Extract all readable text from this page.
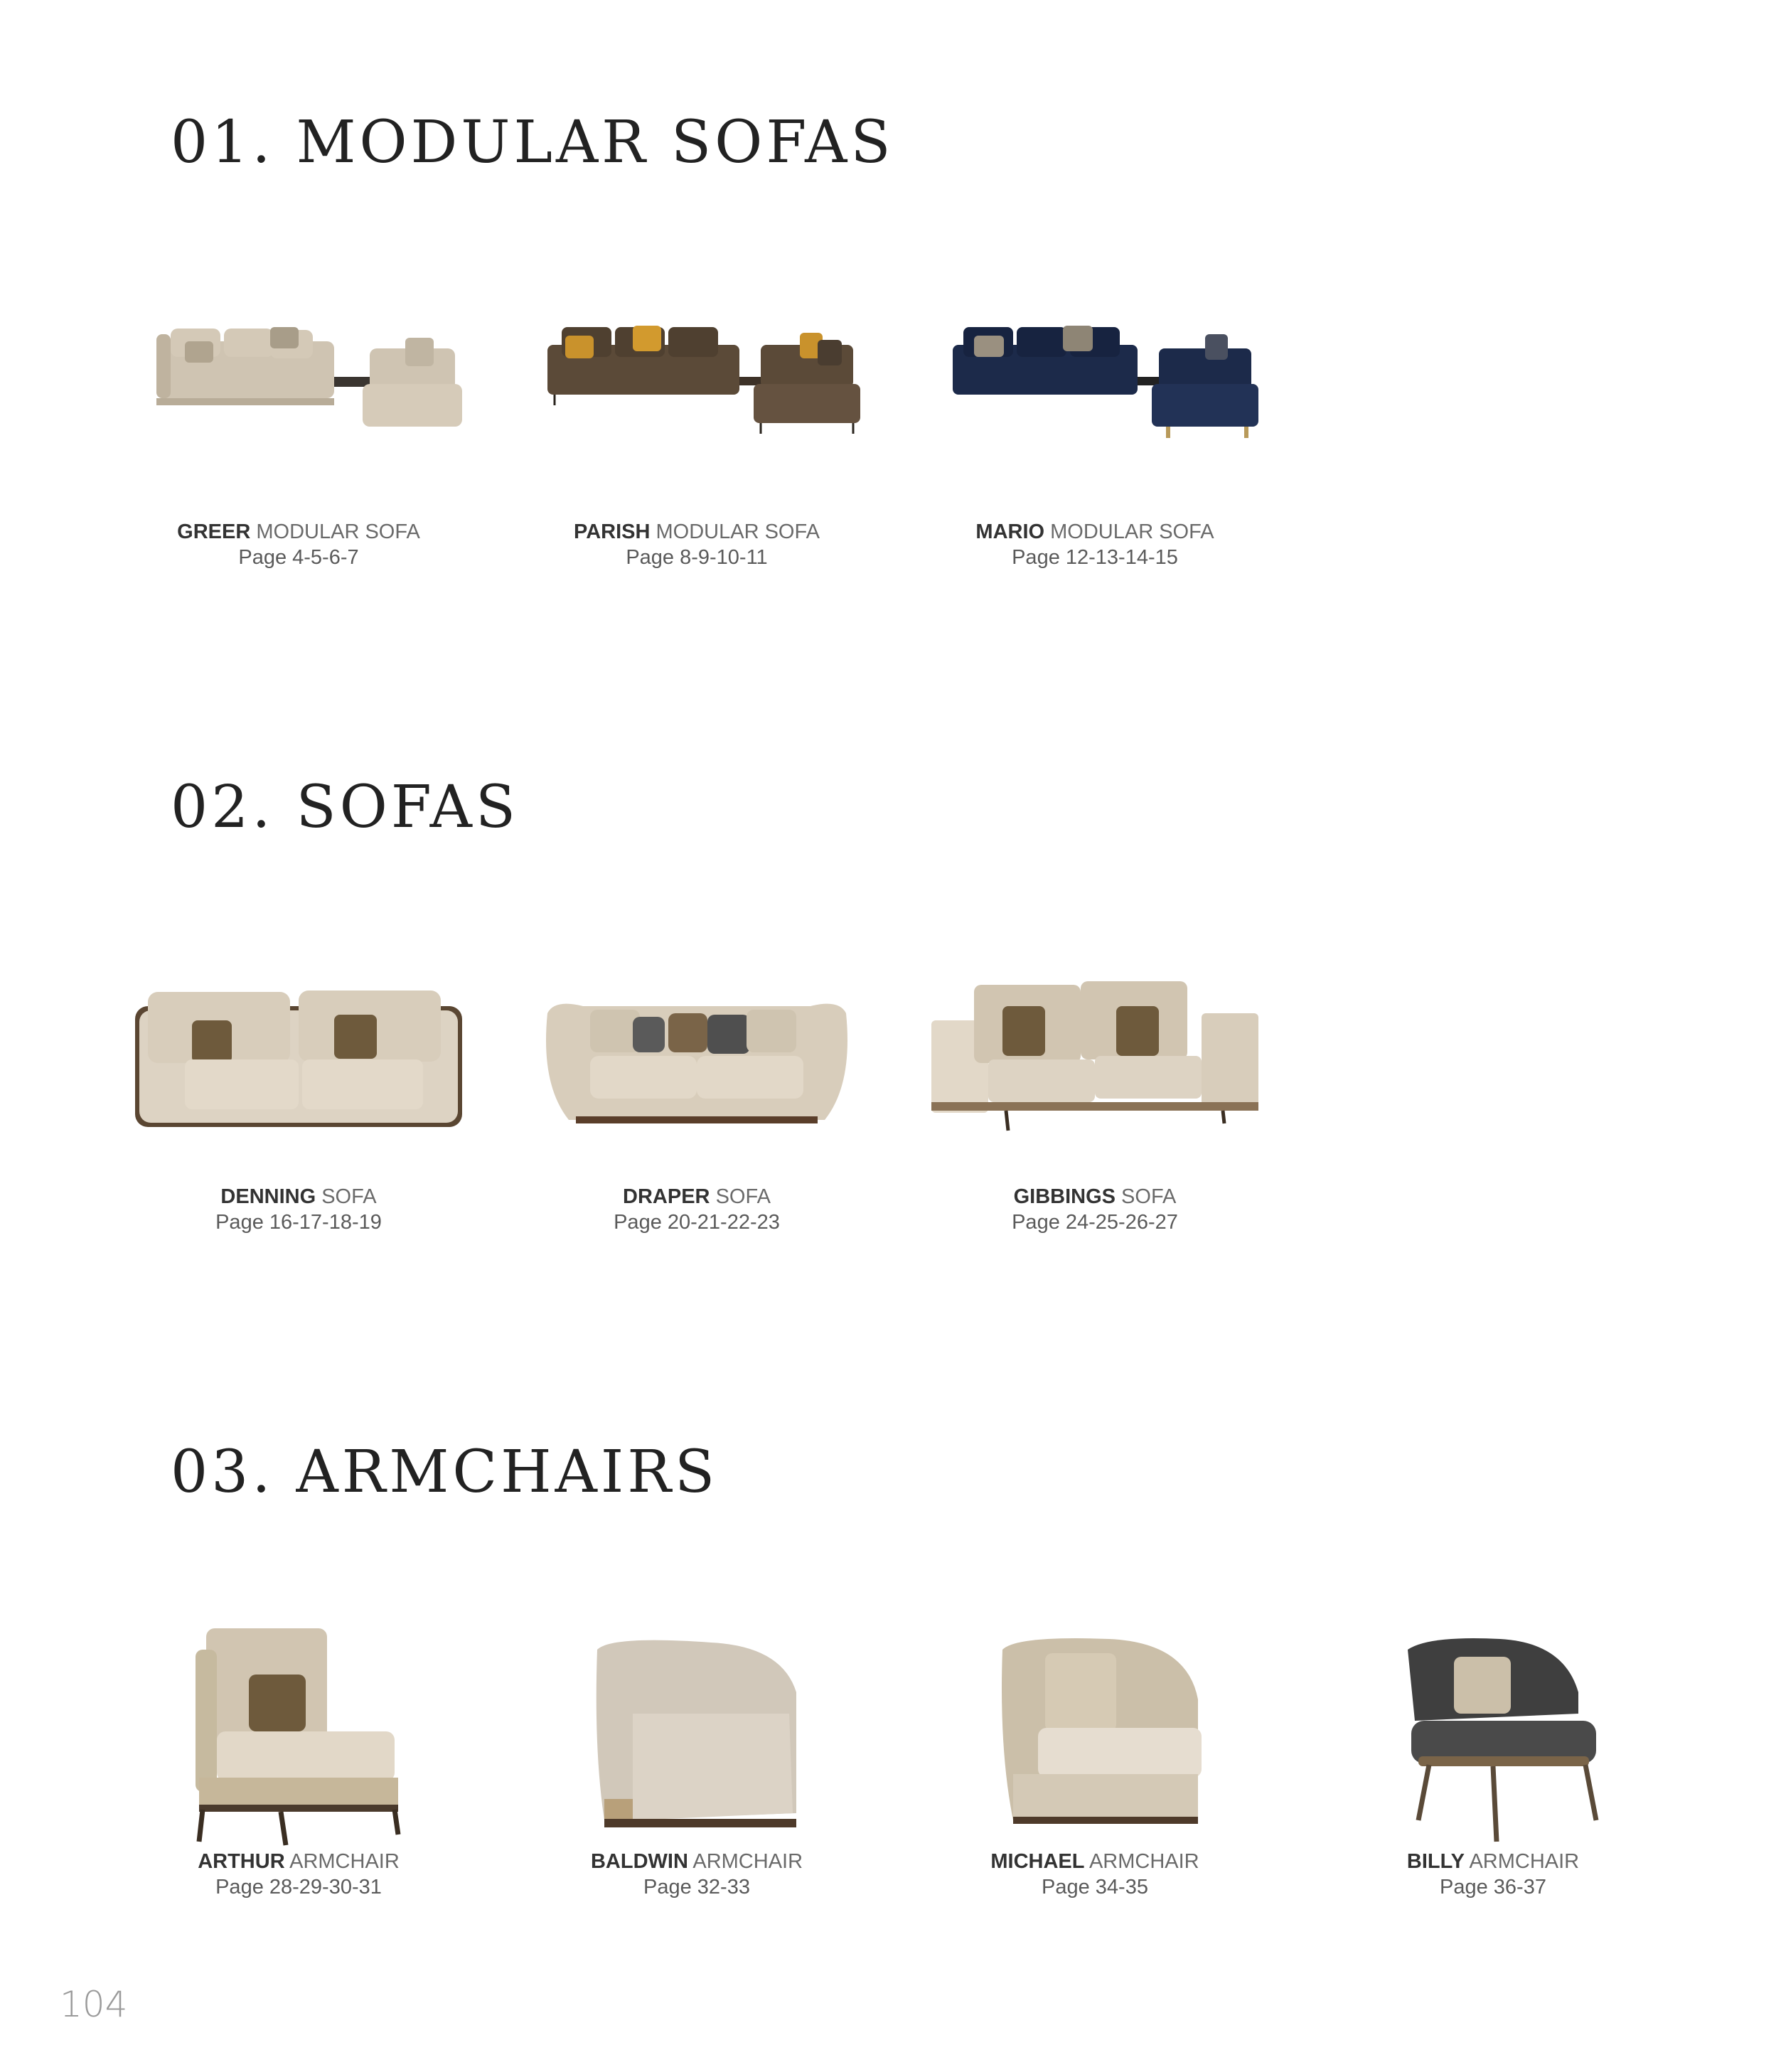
01. MODULAR SOFAS
GREER MODULAR SOFA
Page 4-5-6-7
PARISH MODULAR SOFA
Page 8-9-10-11
MARIO MODULAR SOFA
Page 12-13-14-15
02. SOFAS
DENNING SOFA
Page 16-17-18-19
DRAPER SOFA
Page 20-21-22-23
GIBBINGS SOFA
Page 24-25-26-27
03. ARMCHAIRS
ARTHUR ARMCHAIR
Page 28-29-30-31
BALDWIN ARMCHAIR
Page 32-33
MICHAEL ARMCHAIR
Page 34-35
BILLY ARMCHAIR
Page 36-37
104
